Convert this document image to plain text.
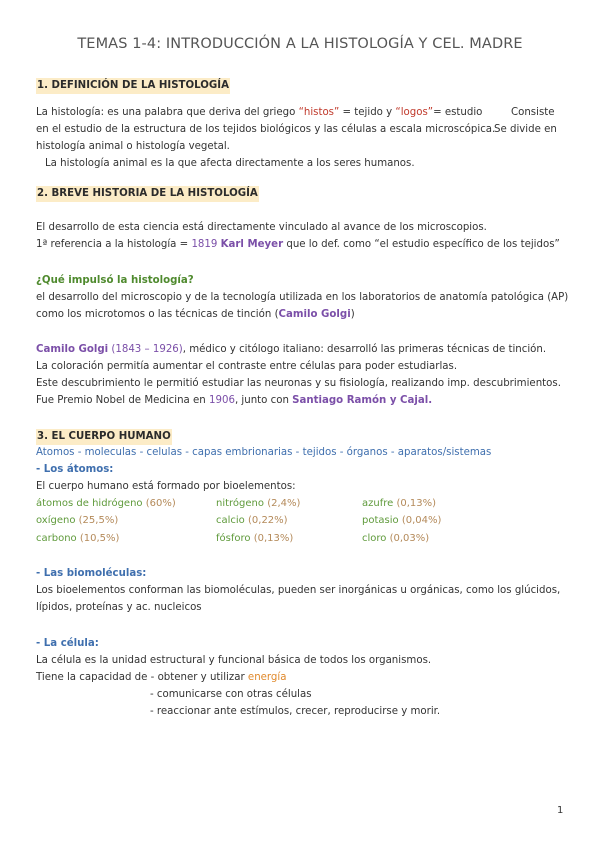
TEMAS 1-4: INTRODUCCIÓN A LA HISTOLOGÍA Y CEL. MADRE
1. DEFINICIÓN DE LA HISTOLOGÍA
La histología: es una palabra que deriva del griego “histos” = tejido y “logos”= estudio	Consiste
en el estudio de la estructura de los tejidos biológicos y las células a escala microscópica.
Se divide en
histología animal o histología vegetal.
La histología animal es la que afecta directamente a los seres humanos.
2. BREVE HISTORIA DE LA HISTOLOGÍA
El desarrollo de esta ciencia está directamente vinculado al avance de los microscopios.
1ª referencia a la histología = 1819 Karl Meyer que lo def. como “el estudio específico de los tejidos”
¿Qué impulsó la histología?
el desarrollo del microscopio y de la tecnología utilizada en los laboratorios de anatomía patológica (AP)
como los microtomos o las técnicas de tinción (Camilo Golgi)
Camilo Golgi (1843 – 1926), médico y citólogo italiano: desarrolló las primeras técnicas de tinción.
La coloración permitía aumentar el contraste entre células para poder estudiarlas.
Este descubrimiento le permitió estudiar las neuronas y su fisiología, realizando imp. descubrimientos.
Fue Premio Nobel de Medicina en 1906, junto con Santiago Ramón y Cajal.
3. EL CUERPO HUMANO
Atomos - moleculas - celulas - capas embrionarias - tejidos - órganos - aparatos/sistemas
- Los átomos:
El cuerpo humano está formado por bioelementos:
átomos de hidrógeno (60%)	nitrógeno (2,4%)	azufre (0,13%)
oxígeno (25,5%)	calcio (0,22%)	potasio (0,04%)
carbono (10,5%)	fósforo (0,13%)	cloro (0,03%)
- Las biomoléculas:
Los bioelementos conforman las biomoléculas, pueden ser inorgánicas u orgánicas, como los glúcidos,
lípidos, proteínas y ac. nucleicos
- La célula:
La célula es la unidad estructural y funcional básica de todos los organismos.
Tiene la capacidad de - obtener y utilizar energía
- comunicarse con otras células
- reaccionar ante estímulos, crecer, reproducirse y morir.
1
